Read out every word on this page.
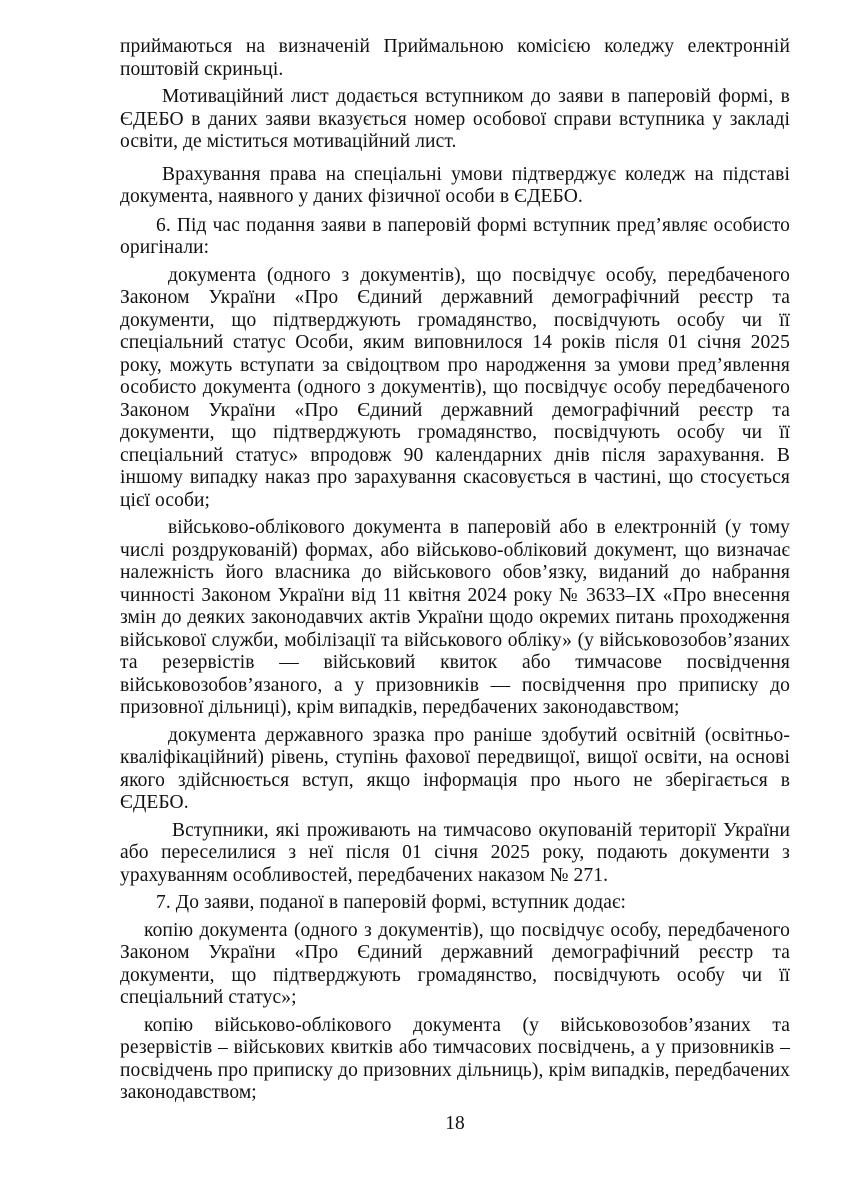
приймаються на визначеній Приймальною комісією коледжу електронній поштовій скриньці.

Мотиваційний лист додається вступником до заяви в паперовій формі, в ЄДЕБО в даних заяви вказується номер особової справи вступника у закладі освіти, де міститься мотиваційний лист.

Врахування права на спеціальні умови підтверджує коледж на підставі документа, наявного у даних фізичної особи в ЄДЕБО.

6. Під час подання заяви в паперовій формі вступник пред’являє особисто оригінали:

документа (одного з документів), що посвідчує особу, передбаченого Законом України «Про Єдиний державний демографічний реєстр та документи, що підтверджують громадянство, посвідчують особу чи її спеціальний статус Особи, яким виповнилося 14 років після 01 січня 2025 року, можуть вступати за свідоцтвом про народження за умови пред’явлення особисто документа (одного з документів), що посвідчує особу передбаченого Законом України «Про Єдиний державний демографічний реєстр та документи, що підтверджують громадянство, посвідчують особу чи її спеціальний статус» впродовж 90 календарних днів після зарахування. В іншому випадку наказ про зарахування скасовується в частині, що стосується цієї особи;

військово-облікового документа в паперовій або в електронній (у тому числі роздрукованій) формах, або військово-обліковий документ, що визначає належність його власника до військового обов’язку, виданий до набрання чинності Законом України від 11 квітня 2024 року № 3633–IX «Про внесення змін до деяких законодавчих актів України щодо окремих питань проходження військової служби, мобілізації та військового обліку» (у військовозобов’язаних та резервістів — військовий квиток або тимчасове посвідчення військовозобов’язаного, а у призовників — посвідчення про приписку до призовної дільниці), крім випадків, передбачених законодавством;

документа державного зразка про раніше здобутий освітній (освітньо-кваліфікаційний) рівень, ступінь фахової передвищої, вищої освіти, на основі якого здійснюється вступ, якщо інформація про нього не зберігається в ЄДЕБО.

Вступники, які проживають на тимчасово окупованій території України або переселилися з неї після 01 січня 2025 року, подають документи з урахуванням особливостей, передбачених наказом № 271.

7. До заяви, поданої в паперовій формі, вступник додає:

копію документа (одного з документів), що посвідчує особу, передбаченого Законом України «Про Єдиний державний демографічний реєстр та документи, що підтверджують громадянство, посвідчують особу чи її спеціальний статус»;

копію військово-облікового документа (у військовозобов’язаних та резервістів – військових квитків або тимчасових посвідчень, а у призовників – посвідчень про приписку до призовних дільниць), крім випадків, передбачених законодавством;

18
